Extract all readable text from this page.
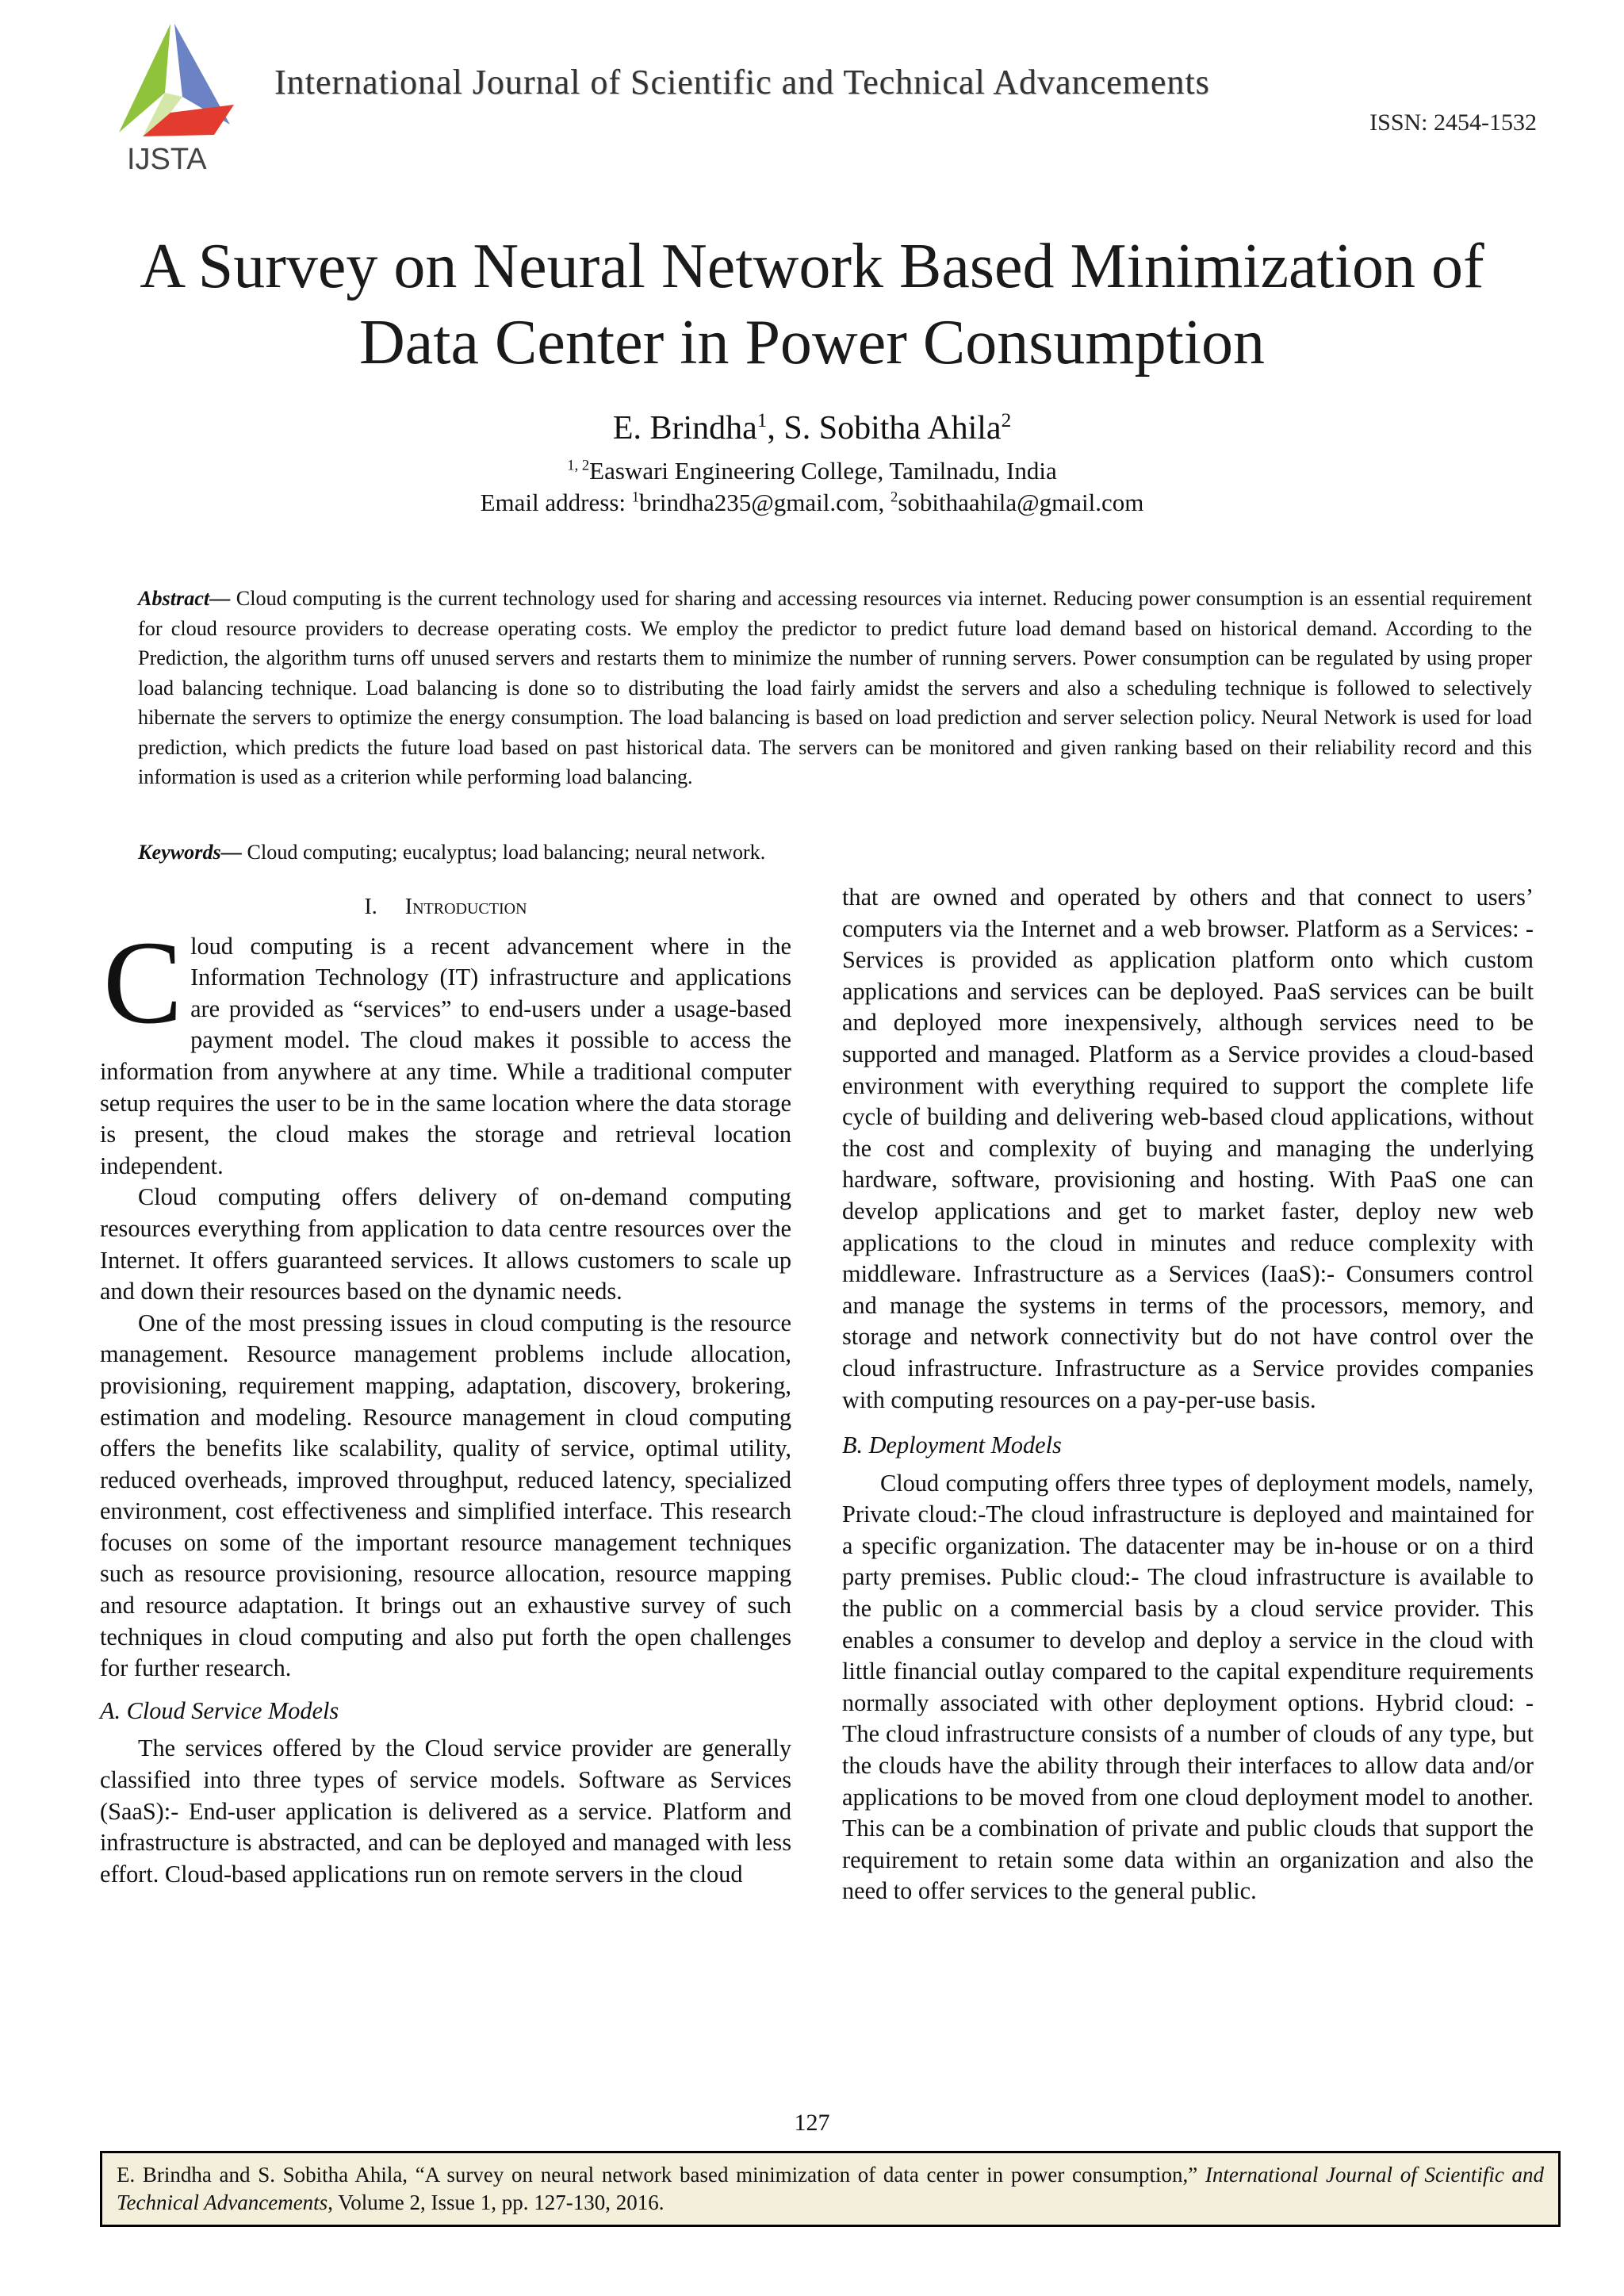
IJSTA
International Journal of Scientific and Technical Advancements
ISSN: 2454-1532
A Survey on Neural Network Based Minimization of
Data Center in Power Consumption
E. Brindha$^1$, S. Sobitha Ahila$^2$
$^{1, 2}$Easwari Engineering College, Tamilnadu, India
Email address: $^1$brindha235@gmail.com, $^2$sobithaahila@gmail.com
Abstract— Cloud computing is the current technology used for sharing and accessing resources via internet. Reducing power consumption is an essential requirement for cloud resource providers to decrease operating costs. We employ the predictor to predict future load demand based on historical demand. According to the Prediction, the algorithm turns off unused servers and restarts them to minimize the number of running servers. Power consumption can be regulated by using proper load balancing technique. Load balancing is done so to distributing the load fairly amidst the servers and also a scheduling technique is followed to selectively hibernate the servers to optimize the energy consumption. The load balancing is based on load prediction and server selection policy. Neural Network is used for load prediction, which predicts the future load based on past historical data. The servers can be monitored and given ranking based on their reliability record and this information is used as a criterion while performing load balancing.
Keywords— Cloud computing; eucalyptus; load balancing; neural network.
I. Introduction

Cloud computing is a recent advancement where in the Information Technology (IT) infrastructure and applications are provided as “services” to end-users under a usage-based payment model. The cloud makes it possible to access the information from anywhere at any time. While a traditional computer setup requires the user to be in the same location where the data storage is present, the cloud makes the storage and retrieval location independent.

Cloud computing offers delivery of on-demand computing resources everything from application to data centre resources over the Internet. It offers guaranteed services. It allows customers to scale up and down their resources based on the dynamic needs.

One of the most pressing issues in cloud computing is the resource management. Resource management problems include allocation, provisioning, requirement mapping, adaptation, discovery, brokering, estimation and modeling. Resource management in cloud computing offers the benefits like scalability, quality of service, optimal utility, reduced overheads, improved throughput, reduced latency, specialized environment, cost effectiveness and simplified interface. This research focuses on some of the important resource management techniques such as resource provisioning, resource allocation, resource mapping and resource adaptation. It brings out an exhaustive survey of such techniques in cloud computing and also put forth the open challenges for further research.

A. Cloud Service Models

The services offered by the Cloud service provider are generally classified into three types of service models. Software as Services (SaaS):- End-user application is delivered as a service. Platform and infrastructure is abstracted, and can be deployed and managed with less effort. Cloud-based applications run on remote servers in the cloud

that are owned and operated by others and that connect to users’ computers via the Internet and a web browser. Platform as a Services: - Services is provided as application platform onto which custom applications and services can be deployed. PaaS services can be built and deployed more inexpensively, although services need to be supported and managed. Platform as a Service provides a cloud-based environment with everything required to support the complete life cycle of building and delivering web-based cloud applications, without the cost and complexity of buying and managing the underlying hardware, software, provisioning and hosting. With PaaS one can develop applications and get to market faster, deploy new web applications to the cloud in minutes and reduce complexity with middleware. Infrastructure as a Services (IaaS):- Consumers control and manage the systems in terms of the processors, memory, and storage and network connectivity but do not have control over the cloud infrastructure. Infrastructure as a Service provides companies with computing resources on a pay-per-use basis.

B. Deployment Models

Cloud computing offers three types of deployment models, namely, Private cloud:-The cloud infrastructure is deployed and maintained for a specific organization. The datacenter may be in-house or on a third party premises. Public cloud:- The cloud infrastructure is available to the public on a commercial basis by a cloud service provider. This enables a consumer to develop and deploy a service in the cloud with little financial outlay compared to the capital expenditure requirements normally associated with other deployment options. Hybrid cloud: - The cloud infrastructure consists of a number of clouds of any type, but the clouds have the ability through their interfaces to allow data and/or applications to be moved from one cloud deployment model to another. This can be a combination of private and public clouds that support the requirement to retain some data within an organization and also the need to offer services to the general public.

127
E. Brindha and S. Sobitha Ahila, “A survey on neural network based minimization of data center in power consumption,” International Journal of Scientific and Technical Advancements, Volume 2, Issue 1, pp. 127-130, 2016.
